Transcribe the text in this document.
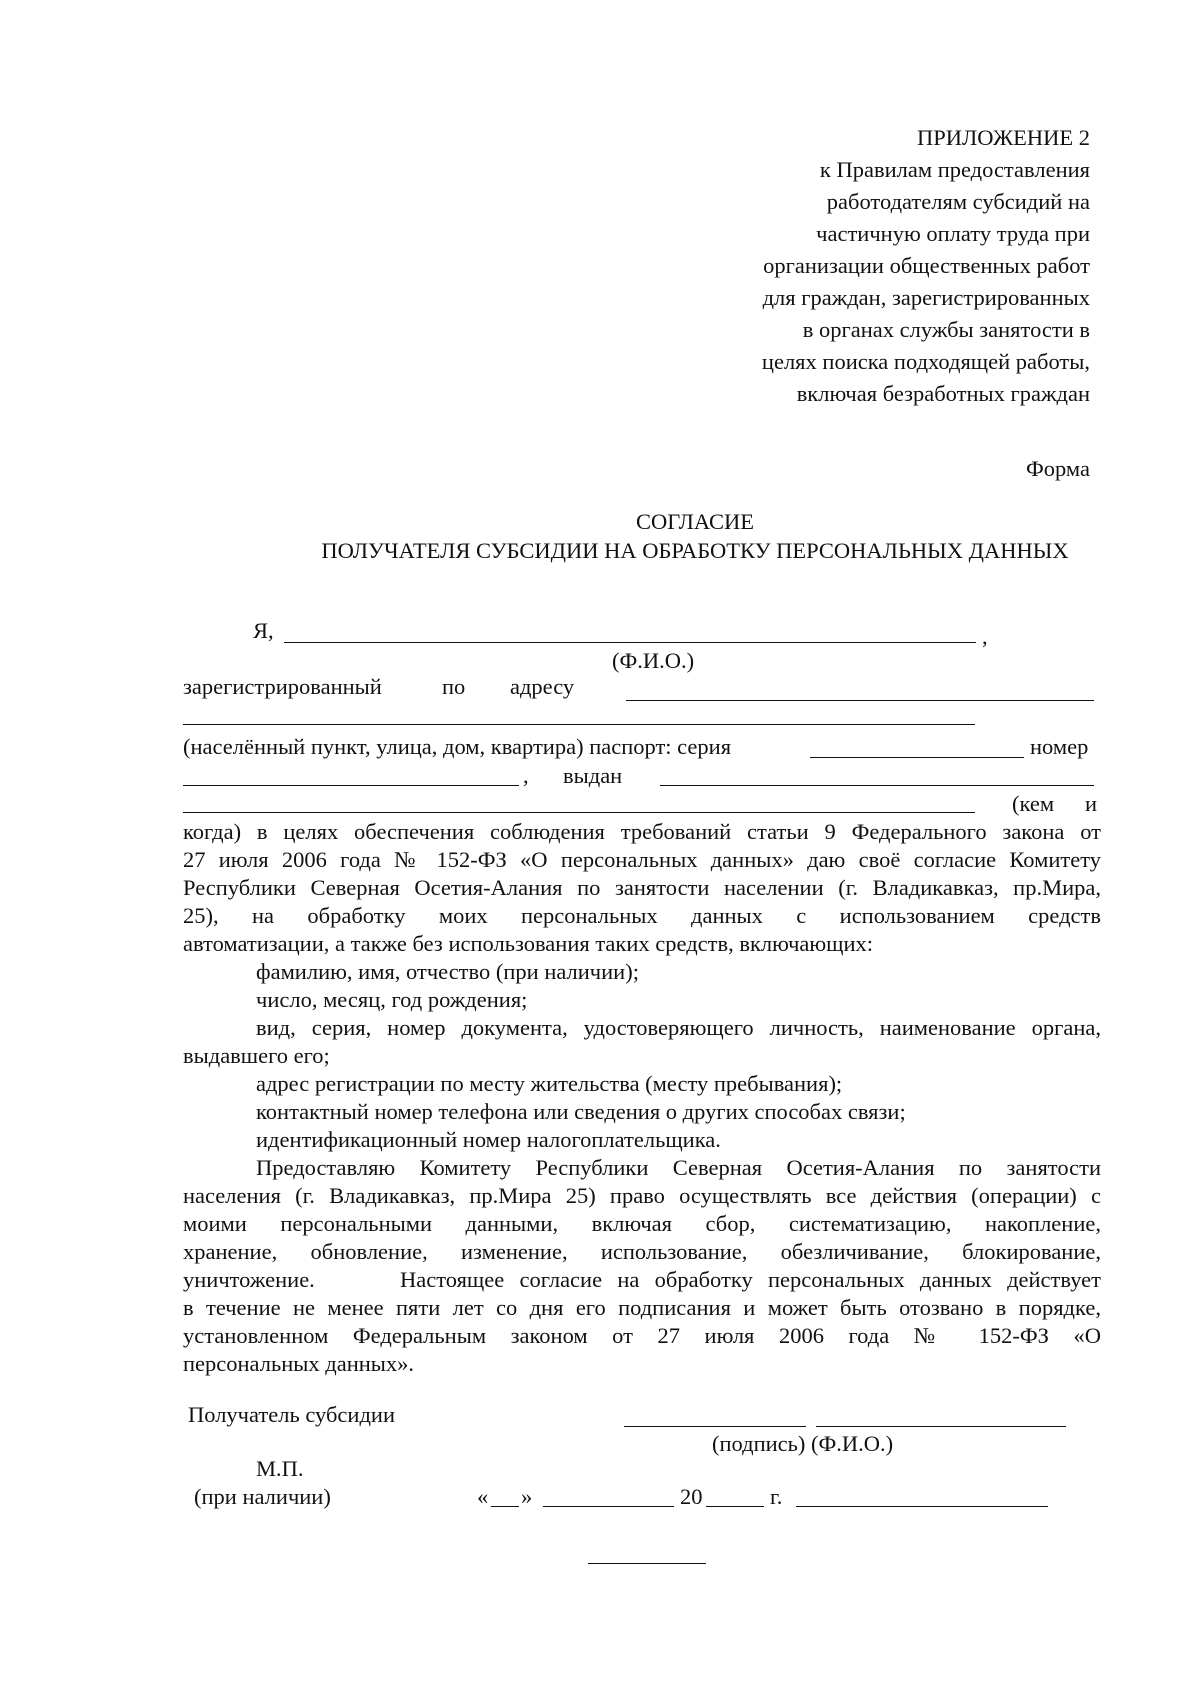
ПРИЛОЖЕНИЕ 2
к Правилам предоставления
работодателям субсидий на
частичную оплату труда при
организации общественных работ
для граждан, зарегистрированных
в органах службы занятости в
целях поиска подходящей работы,
включая безработных граждан
Форма
СОГЛАСИЕ
ПОЛУЧАТЕЛЯ СУБСИДИИ НА ОБРАБОТКУ ПЕРСОНАЛЬНЫХ ДАННЫХ
Я,	,
(Ф.И.О.)
зарегистрированный	по адресу
(населённый пункт, улица, дом, квартира) паспорт: серия	номер
, выдан
(кем и
когда) в целях обеспечения соблюдения требований статьи 9 Федерального закона от
27 июля 2006 года № 152-ФЗ «О персональных данных» даю своё согласие Комитету
Республики Северная Осетия-Алания по занятости населении (г. Владикавказ, пр.Мира,
25), на обработку моих персональных данных с использованием средств
автоматизации, а также без использования таких средств, включающих:
фамилию, имя, отчество (при наличии);
число, месяц, год рождения;
вид, серия, номер документа, удостоверяющего личность, наименование органа,
выдавшего его;
адрес регистрации по месту жительства (месту пребывания);
контактный номер телефона или сведения о других способах связи;
идентификационный номер налогоплательщика.
Предоставляю Комитету Республики Северная Осетия-Алания по занятости
населения (г. Владикавказ, пр.Мира 25) право осуществлять все действия (операции) с
моими персональными данными, включая сбор, систематизацию, накопление,
хранение, обновление, изменение, использование, обезличивание, блокирование,
уничтожение.	Настоящее согласие на обработку персональных данных действует
в течение не менее пяти лет со дня его подписания и может быть отозвано в порядке,
установленном Федеральным законом от 27 июля 2006 года № 152-ФЗ «О
персональных данных».
Получатель субсидии
(подпись) (Ф.И.О.)
М.П.
(при наличии)	« »	20	г.
